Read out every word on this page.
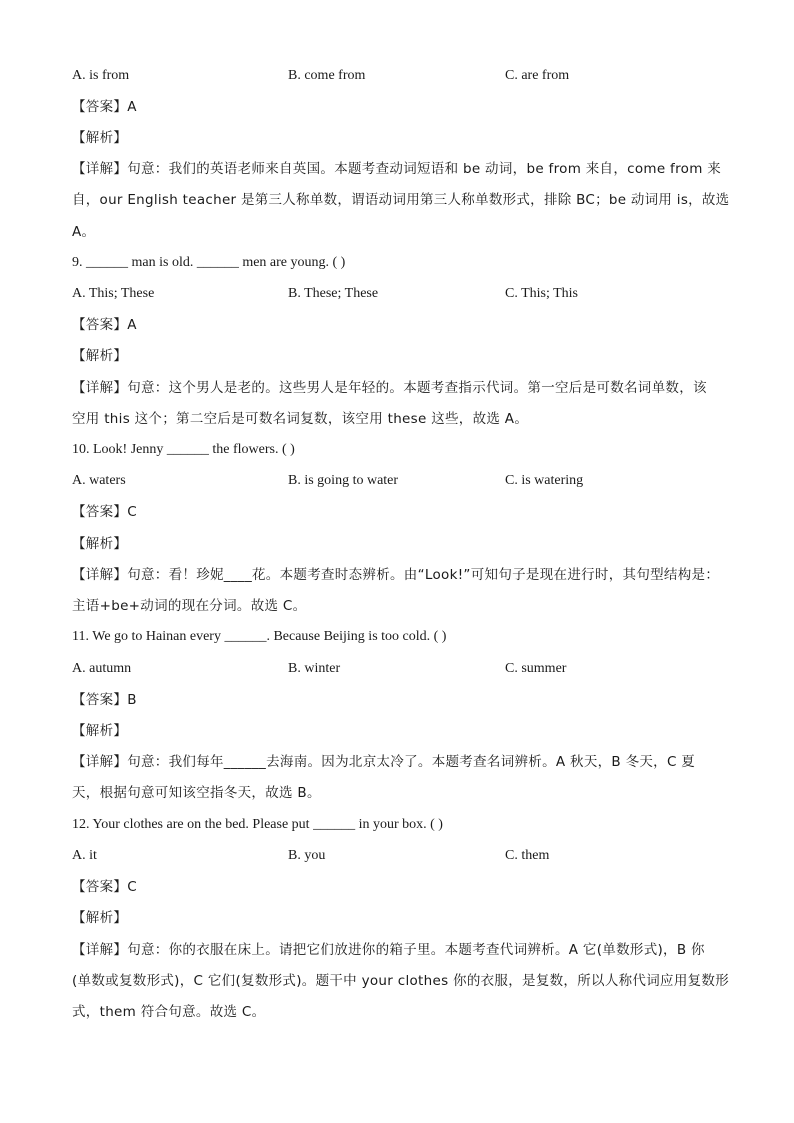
A. is from	B. come from	C. are from
【答案】A
【解析】
【详解】句意：我们的英语老师来自英国。本题考查动词短语和 be 动词，be from 来自，come from 来
自，our English teacher 是第三人称单数，谓语动词用第三人称单数形式，排除 BC；be 动词用 is，故选
A。
9. ______ man is old. ______ men are young. ( )
A. This; These	B. These; These	C. This; This
【答案】A
【解析】
【详解】句意：这个男人是老的。这些男人是年轻的。本题考查指示代词。第一空后是可数名词单数，该
空用 this 这个；第二空后是可数名词复数，该空用 these 这些，故选 A。
10. Look! Jenny ______ the flowers. ( )
A. waters	B. is going to water	C. is watering
【答案】C
【解析】
【详解】句意：看！珍妮____花。本题考查时态辨析。由“Look!”可知句子是现在进行时，其句型结构是：
主语+be+动词的现在分词。故选 C。
11. We go to Hainan every ______. Because Beijing is too cold. ( )
A. autumn	B. winter	C. summer
【答案】B
【解析】
【详解】句意：我们每年______去海南。因为北京太冷了。本题考查名词辨析。A 秋天，B 冬天，C 夏
天，根据句意可知该空指冬天，故选 B。
12. Your clothes are on the bed. Please put ______ in your box. ( )
A. it	B. you	C. them
【答案】C
【解析】
【详解】句意：你的衣服在床上。请把它们放进你的箱子里。本题考查代词辨析。A 它(单数形式)，B 你
(单数或复数形式)，C 它们(复数形式)。题干中 your clothes 你的衣服，是复数，所以人称代词应用复数形
式，them 符合句意。故选 C。
